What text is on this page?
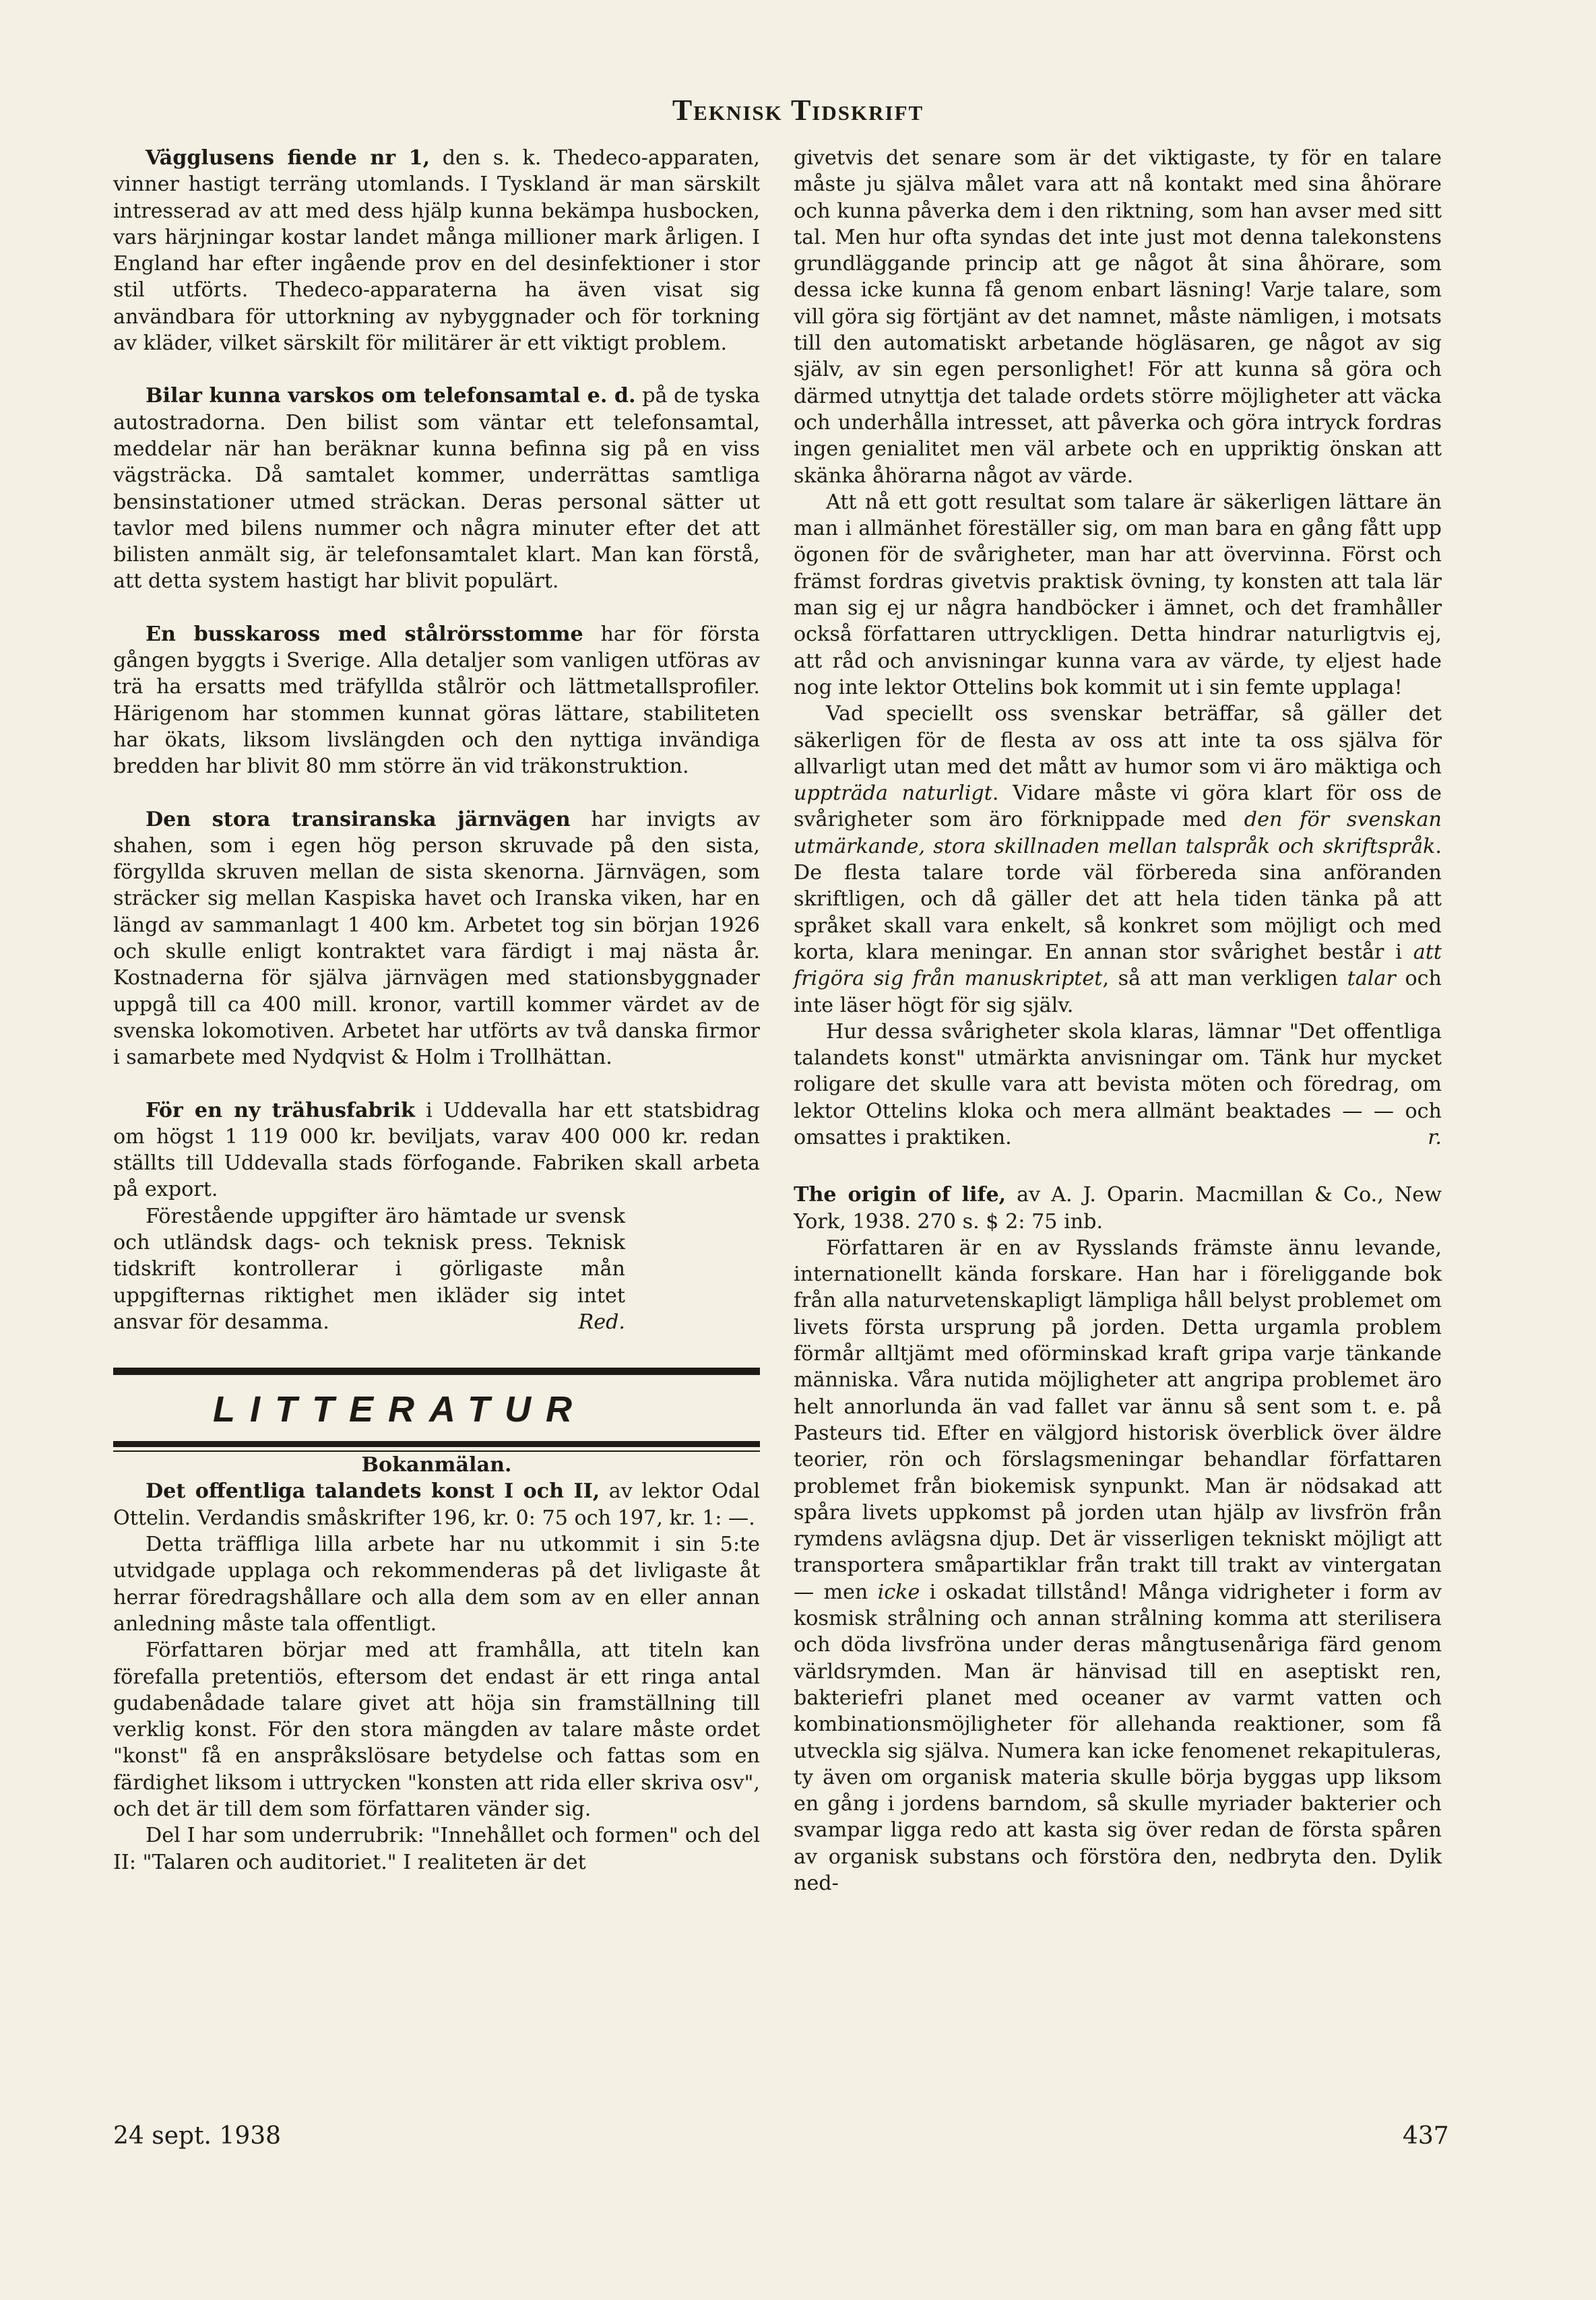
Teknisk Tidskrift

Vägglusens fiende nr 1, den s. k. Thedeco-apparaten, vinner hastigt terräng utomlands. I Tyskland är man särskilt intresserad av att med dess hjälp kunna bekämpa husbocken, vars härjningar kostar landet många millioner mark årligen. I England har efter ingående prov en del desinfektioner i stor stil utförts. Thedeco-apparaterna ha även visat sig användbara för uttorkning av nybyggnader och för torkning av kläder, vilket särskilt för militärer är ett viktigt problem.

Bilar kunna varskos om telefonsamtal e. d. på de tyska autostradorna. Den bilist som väntar ett telefonsamtal, meddelar när han beräknar kunna befinna sig på en viss vägsträcka. Då samtalet kommer, underrättas samtliga bensinstationer utmed sträckan. Deras personal sätter ut tavlor med bilens nummer och några minuter efter det att bilisten anmält sig, är telefonsamtalet klart. Man kan förstå, att detta system hastigt har blivit populärt.

En busskaross med stålrörsstomme har för första gången byggts i Sverige. Alla detaljer som vanligen utföras av trä ha ersatts med träfyllda stålrör och lättmetallsprofiler. Härigenom har stommen kunnat göras lättare, stabiliteten har ökats, liksom livslängden och den nyttiga invändiga bredden har blivit 80 mm större än vid träkonstruktion.

Den stora transiranska järnvägen har invigts av shahen, som i egen hög person skruvade på den sista, förgyllda skruven mellan de sista skenorna. Järnvägen, som sträcker sig mellan Kaspiska havet och Iranska viken, har en längd av sammanlagt 1 400 km. Arbetet tog sin början 1926 och skulle enligt kontraktet vara färdigt i maj nästa år. Kostnaderna för själva järnvägen med stationsbyggnader uppgå till ca 400 mill. kronor, vartill kommer värdet av de svenska lokomotiven. Arbetet har utförts av två danska firmor i samarbete med Nydqvist & Holm i Trollhättan.

För en ny trähusfabrik i Uddevalla har ett statsbidrag om högst 1 119 000 kr. beviljats, varav 400 000 kr. redan ställts till Uddevalla stads förfogande. Fabriken skall arbeta på export.

Förestående uppgifter äro hämtade ur svensk och utländsk dags- och teknisk press. Teknisk tidskrift kontrollerar i görligaste mån uppgifternas riktighet men ikläder sig intet ansvar för desamma.	Red.

LITTERATUR

Bokanmälan.

Det offentliga talandets konst I och II, av lektor Odal Ottelin. Verdandis småskrifter 196, kr. 0: 75 och 197, kr. 1: —.

Detta träffliga lilla arbete har nu utkommit i sin 5:te utvidgade upplaga och rekommenderas på det livligaste åt herrar föredragshållare och alla dem som av en eller annan anledning måste tala offentligt.

Författaren börjar med att framhålla, att titeln kan förefalla pretentiös, eftersom det endast är ett ringa antal gudabenådade talare givet att höja sin framställning till verklig konst. För den stora mängden av talare måste ordet "konst" få en anspråkslösare betydelse och fattas som en färdighet liksom i uttrycken "konsten att rida eller skriva osv", och det är till dem som författaren vänder sig.

Del I har som underrubrik: "Innehållet och formen" och del II: "Talaren och auditoriet." I realiteten är det

givetvis det senare som är det viktigaste, ty för en talare måste ju själva målet vara att nå kontakt med sina åhörare och kunna påverka dem i den riktning, som han avser med sitt tal. Men hur ofta syndas det inte just mot denna talekonstens grundläggande princip att ge något åt sina åhörare, som dessa icke kunna få genom enbart läsning! Varje talare, som vill göra sig förtjänt av det namnet, måste nämligen, i motsats till den automatiskt arbetande högläsaren, ge något av sig själv, av sin egen personlighet! För att kunna så göra och därmed utnyttja det talade ordets större möjligheter att väcka och underhålla intresset, att påverka och göra intryck fordras ingen genialitet men väl arbete och en uppriktig önskan att skänka åhörarna något av värde.

Att nå ett gott resultat som talare är säkerligen lättare än man i allmänhet föreställer sig, om man bara en gång fått upp ögonen för de svårigheter, man har att övervinna. Först och främst fordras givetvis praktisk övning, ty konsten att tala lär man sig ej ur några handböcker i ämnet, och det framhåller också författaren uttryckligen. Detta hindrar naturligtvis ej, att råd och anvisningar kunna vara av värde, ty eljest hade nog inte lektor Ottelins bok kommit ut i sin femte upplaga!

Vad speciellt oss svenskar beträffar, så gäller det säkerligen för de flesta av oss att inte ta oss själva för allvarligt utan med det mått av humor som vi äro mäktiga och uppträda naturligt. Vidare måste vi göra klart för oss de svårigheter som äro förknippade med den för svenskan utmärkande, stora skillnaden mellan talspråk och skriftspråk. De flesta talare torde väl förbereda sina anföranden skriftligen, och då gäller det att hela tiden tänka på att språket skall vara enkelt, så konkret som möjligt och med korta, klara meningar. En annan stor svårighet består i att frigöra sig från manuskriptet, så att man verkligen talar och inte läser högt för sig själv.

Hur dessa svårigheter skola klaras, lämnar "Det offentliga talandets konst" utmärkta anvisningar om. Tänk hur mycket roligare det skulle vara att bevista möten och föredrag, om lektor Ottelins kloka och mera allmänt beaktades — — och omsattes i praktiken.	r.

The origin of life, av A. J. Oparin. Macmillan & Co., New York, 1938. 270 s. $ 2: 75 inb.

Författaren är en av Rysslands främste ännu levande, internationellt kända forskare. Han har i föreliggande bok från alla naturvetenskapligt lämpliga håll belyst problemet om livets första ursprung på jorden. Detta urgamla problem förmår alltjämt med oförminskad kraft gripa varje tänkande människa. Våra nutida möjligheter att angripa problemet äro helt annorlunda än vad fallet var ännu så sent som t. e. på Pasteurs tid. Efter en välgjord historisk överblick över äldre teorier, rön och förslagsmeningar behandlar författaren problemet från biokemisk synpunkt. Man är nödsakad att spåra livets uppkomst på jorden utan hjälp av livsfrön från rymdens avlägsna djup. Det är visserligen tekniskt möjligt att transportera småpartiklar från trakt till trakt av vintergatan — men icke i oskadat tillstånd! Många vidrigheter i form av kosmisk strålning och annan strålning komma att sterilisera och döda livsfröna under deras mångtusenåriga färd genom världsrymden. Man är hänvisad till en aseptiskt ren, bakteriefri planet med oceaner av varmt vatten och kombinationsmöjligheter för allehanda reaktioner, som få utveckla sig själva. Numera kan icke fenomenet rekapituleras, ty även om organisk materia skulle börja byggas upp liksom en gång i jordens barndom, så skulle myriader bakterier och svampar ligga redo att kasta sig över redan de första spåren av organisk substans och förstöra den, nedbryta den. Dylik ned-

24 sept. 1938	437
